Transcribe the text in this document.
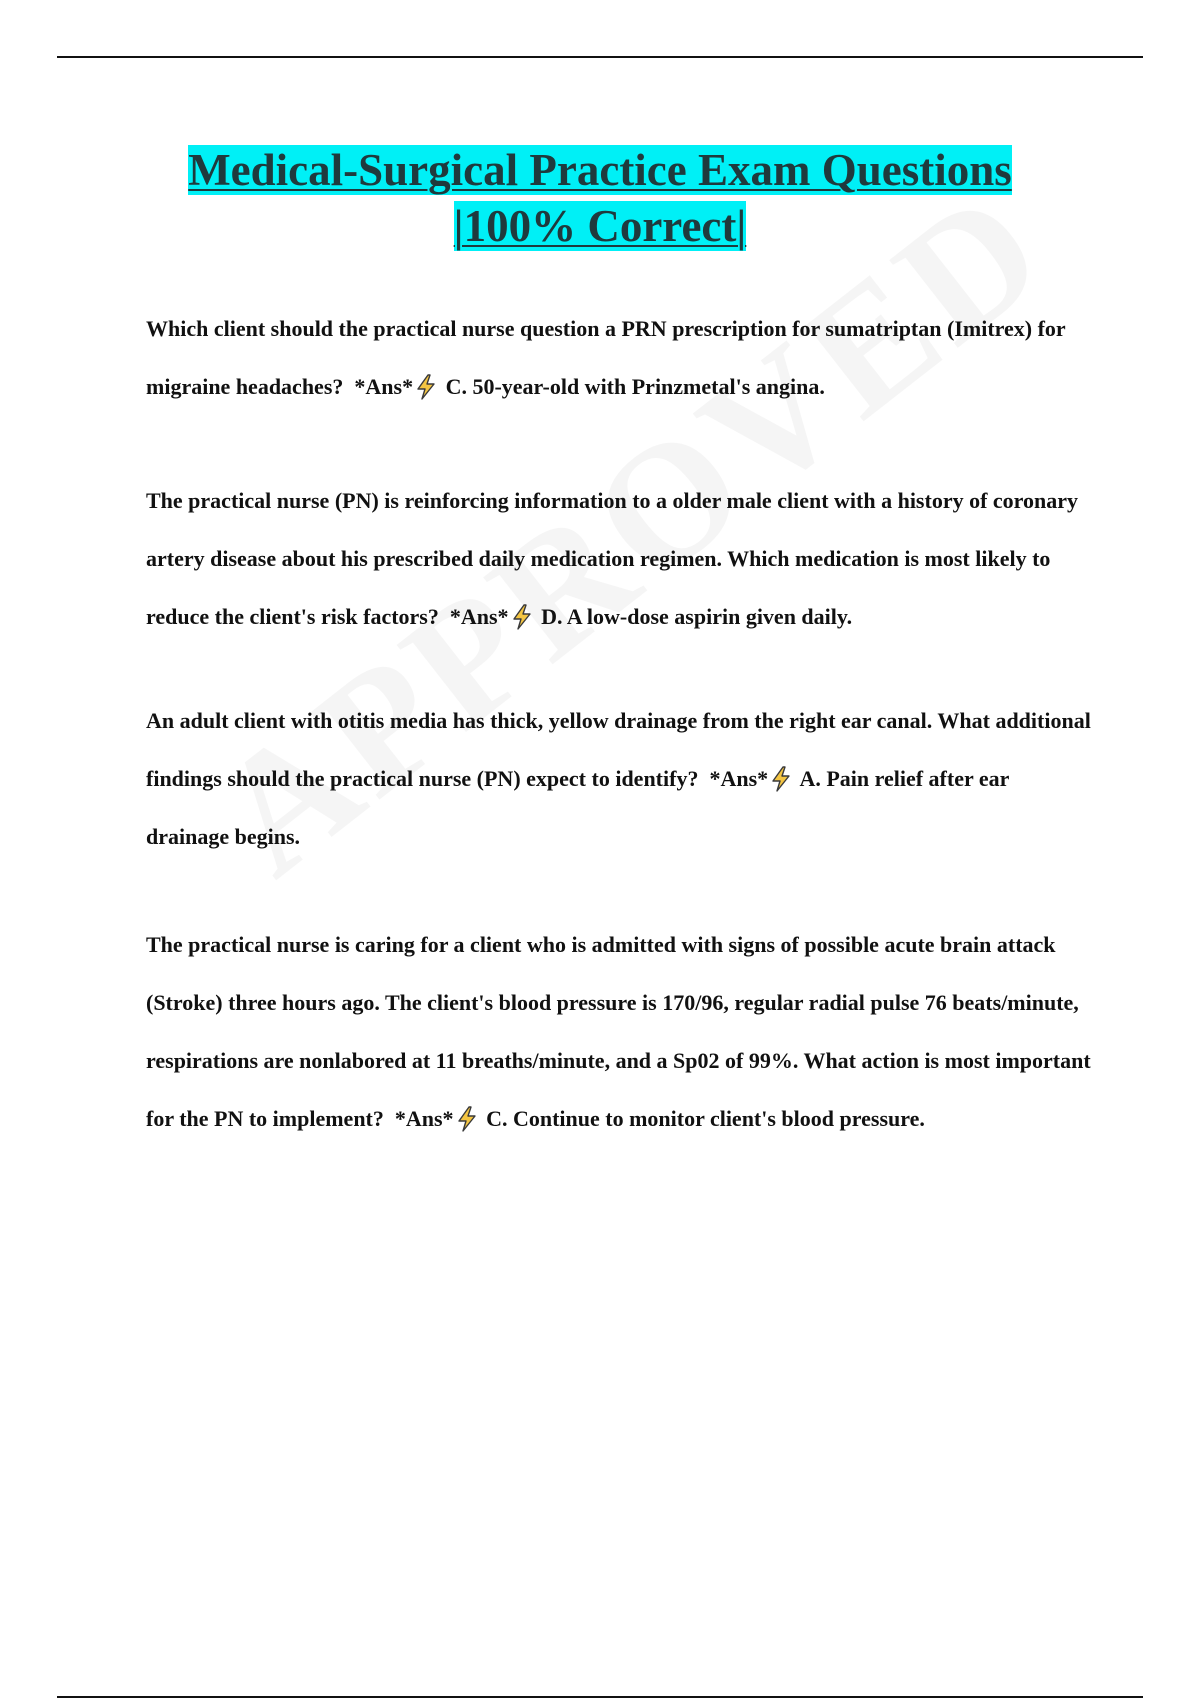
Medical-Surgical Practice Exam Questions
|100% Correct|
Which client should the practical nurse question a PRN prescription for sumatriptan (Imitrex) for migraine headaches? *Ans* C. 50-year-old with Prinzmetal's angina.
The practical nurse (PN) is reinforcing information to a older male client with a history of coronary artery disease about his prescribed daily medication regimen. Which medication is most likely to reduce the client's risk factors? *Ans* D. A low-dose aspirin given daily.
An adult client with otitis media has thick, yellow drainage from the right ear canal. What additional findings should the practical nurse (PN) expect to identify? *Ans* A. Pain relief after ear drainage begins.
The practical nurse is caring for a client who is admitted with signs of possible acute brain attack (Stroke) three hours ago. The client's blood pressure is 170/96, regular radial pulse 76 beats/minute, respirations are nonlabored at 11 breaths/minute, and a Sp02 of 99%. What action is most important for the PN to implement? *Ans* C. Continue to monitor client's blood pressure.
